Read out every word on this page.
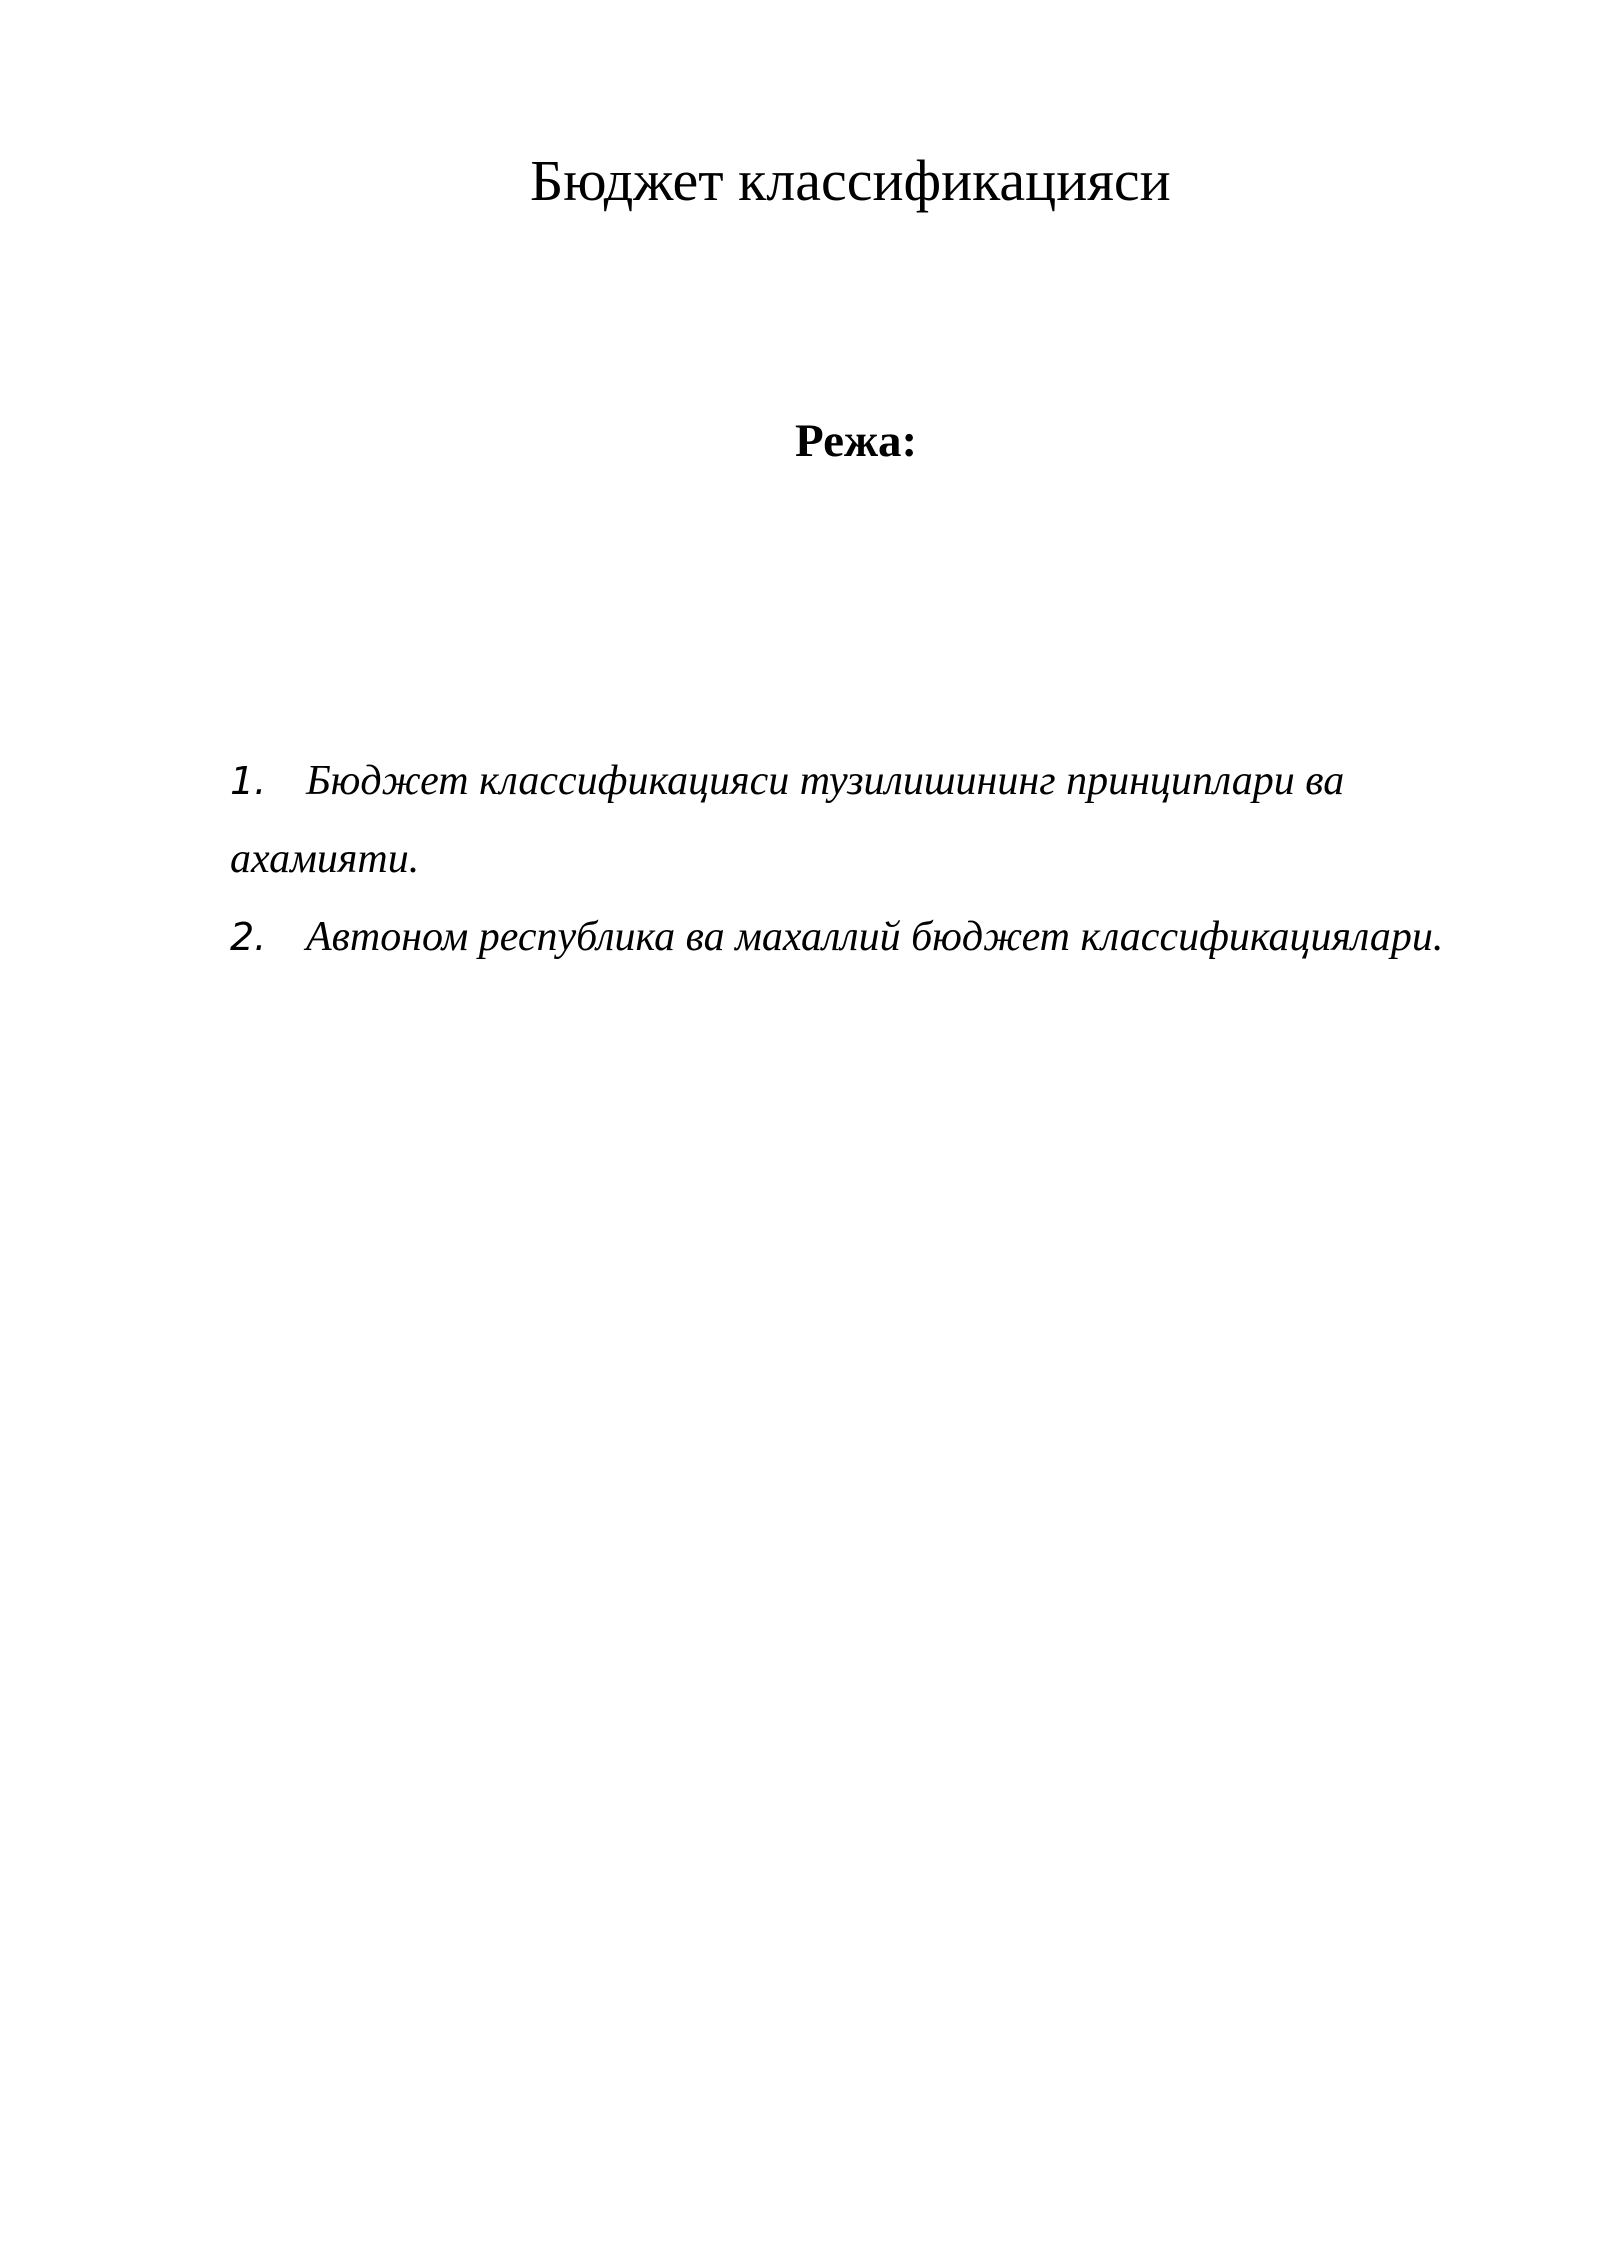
Бюджет классификацияси
Режа:
1. Бюджет классификацияси тузилишининг принциплари ва ахамияти.
2. Автоном республика ва махаллий бюджет классификациялари.
